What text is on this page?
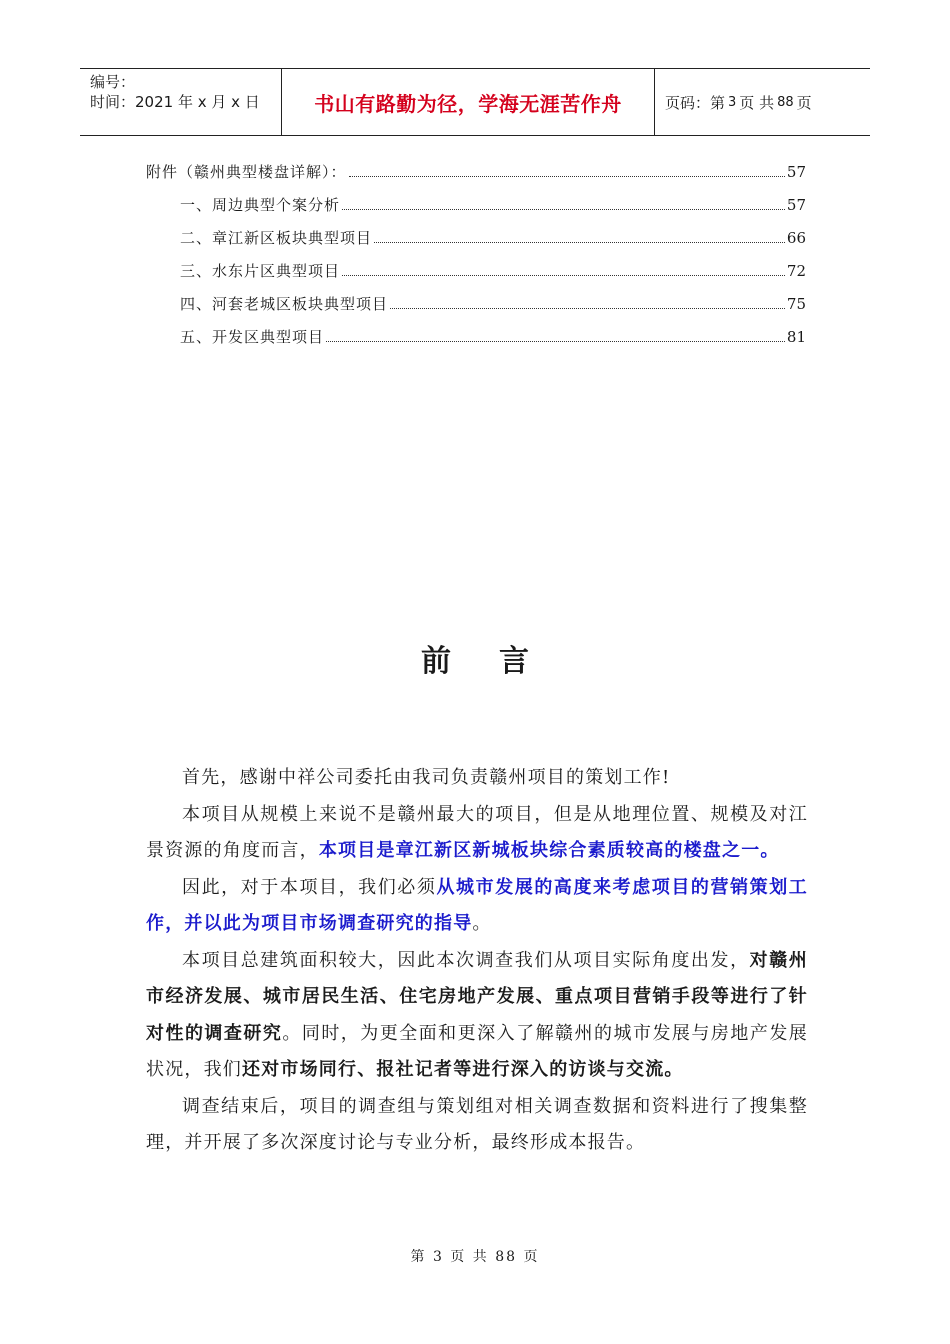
编号：
时间：2021 年 x 月 x 日	书山有路勤为径，学海无涯苦作舟	页码：第 3 页 共 88 页
附件（赣州典型楼盘详解）：	57
一、周边典型个案分析	57
二、章江新区板块典型项目	66
三、水东片区典型项目	72
四、河套老城区板块典型项目	75
五、开发区典型项目	81
前言

首先，感谢中祥公司委托由我司负责赣州项目的策划工作!

本项目从规模上来说不是赣州最大的项目，但是从地理位置、规模及对江景资源的角度而言，本项目是章江新区新城板块综合素质较高的楼盘之一。

因此，对于本项目，我们必须从城市发展的高度来考虑项目的营销策划工作，并以此为项目市场调查研究的指导。

本项目总建筑面积较大，因此本次调查我们从项目实际角度出发，对赣州市经济发展、城市居民生活、住宅房地产发展、重点项目营销手段等进行了针对性的调查研究。同时，为更全面和更深入了解赣州的城市发展与房地产发展状况，我们还对市场同行、报社记者等进行深入的访谈与交流。

调查结束后，项目的调查组与策划组对相关调查数据和资料进行了搜集整理，并开展了多次深度讨论与专业分析，最终形成本报告。

第 3 页 共 88 页
